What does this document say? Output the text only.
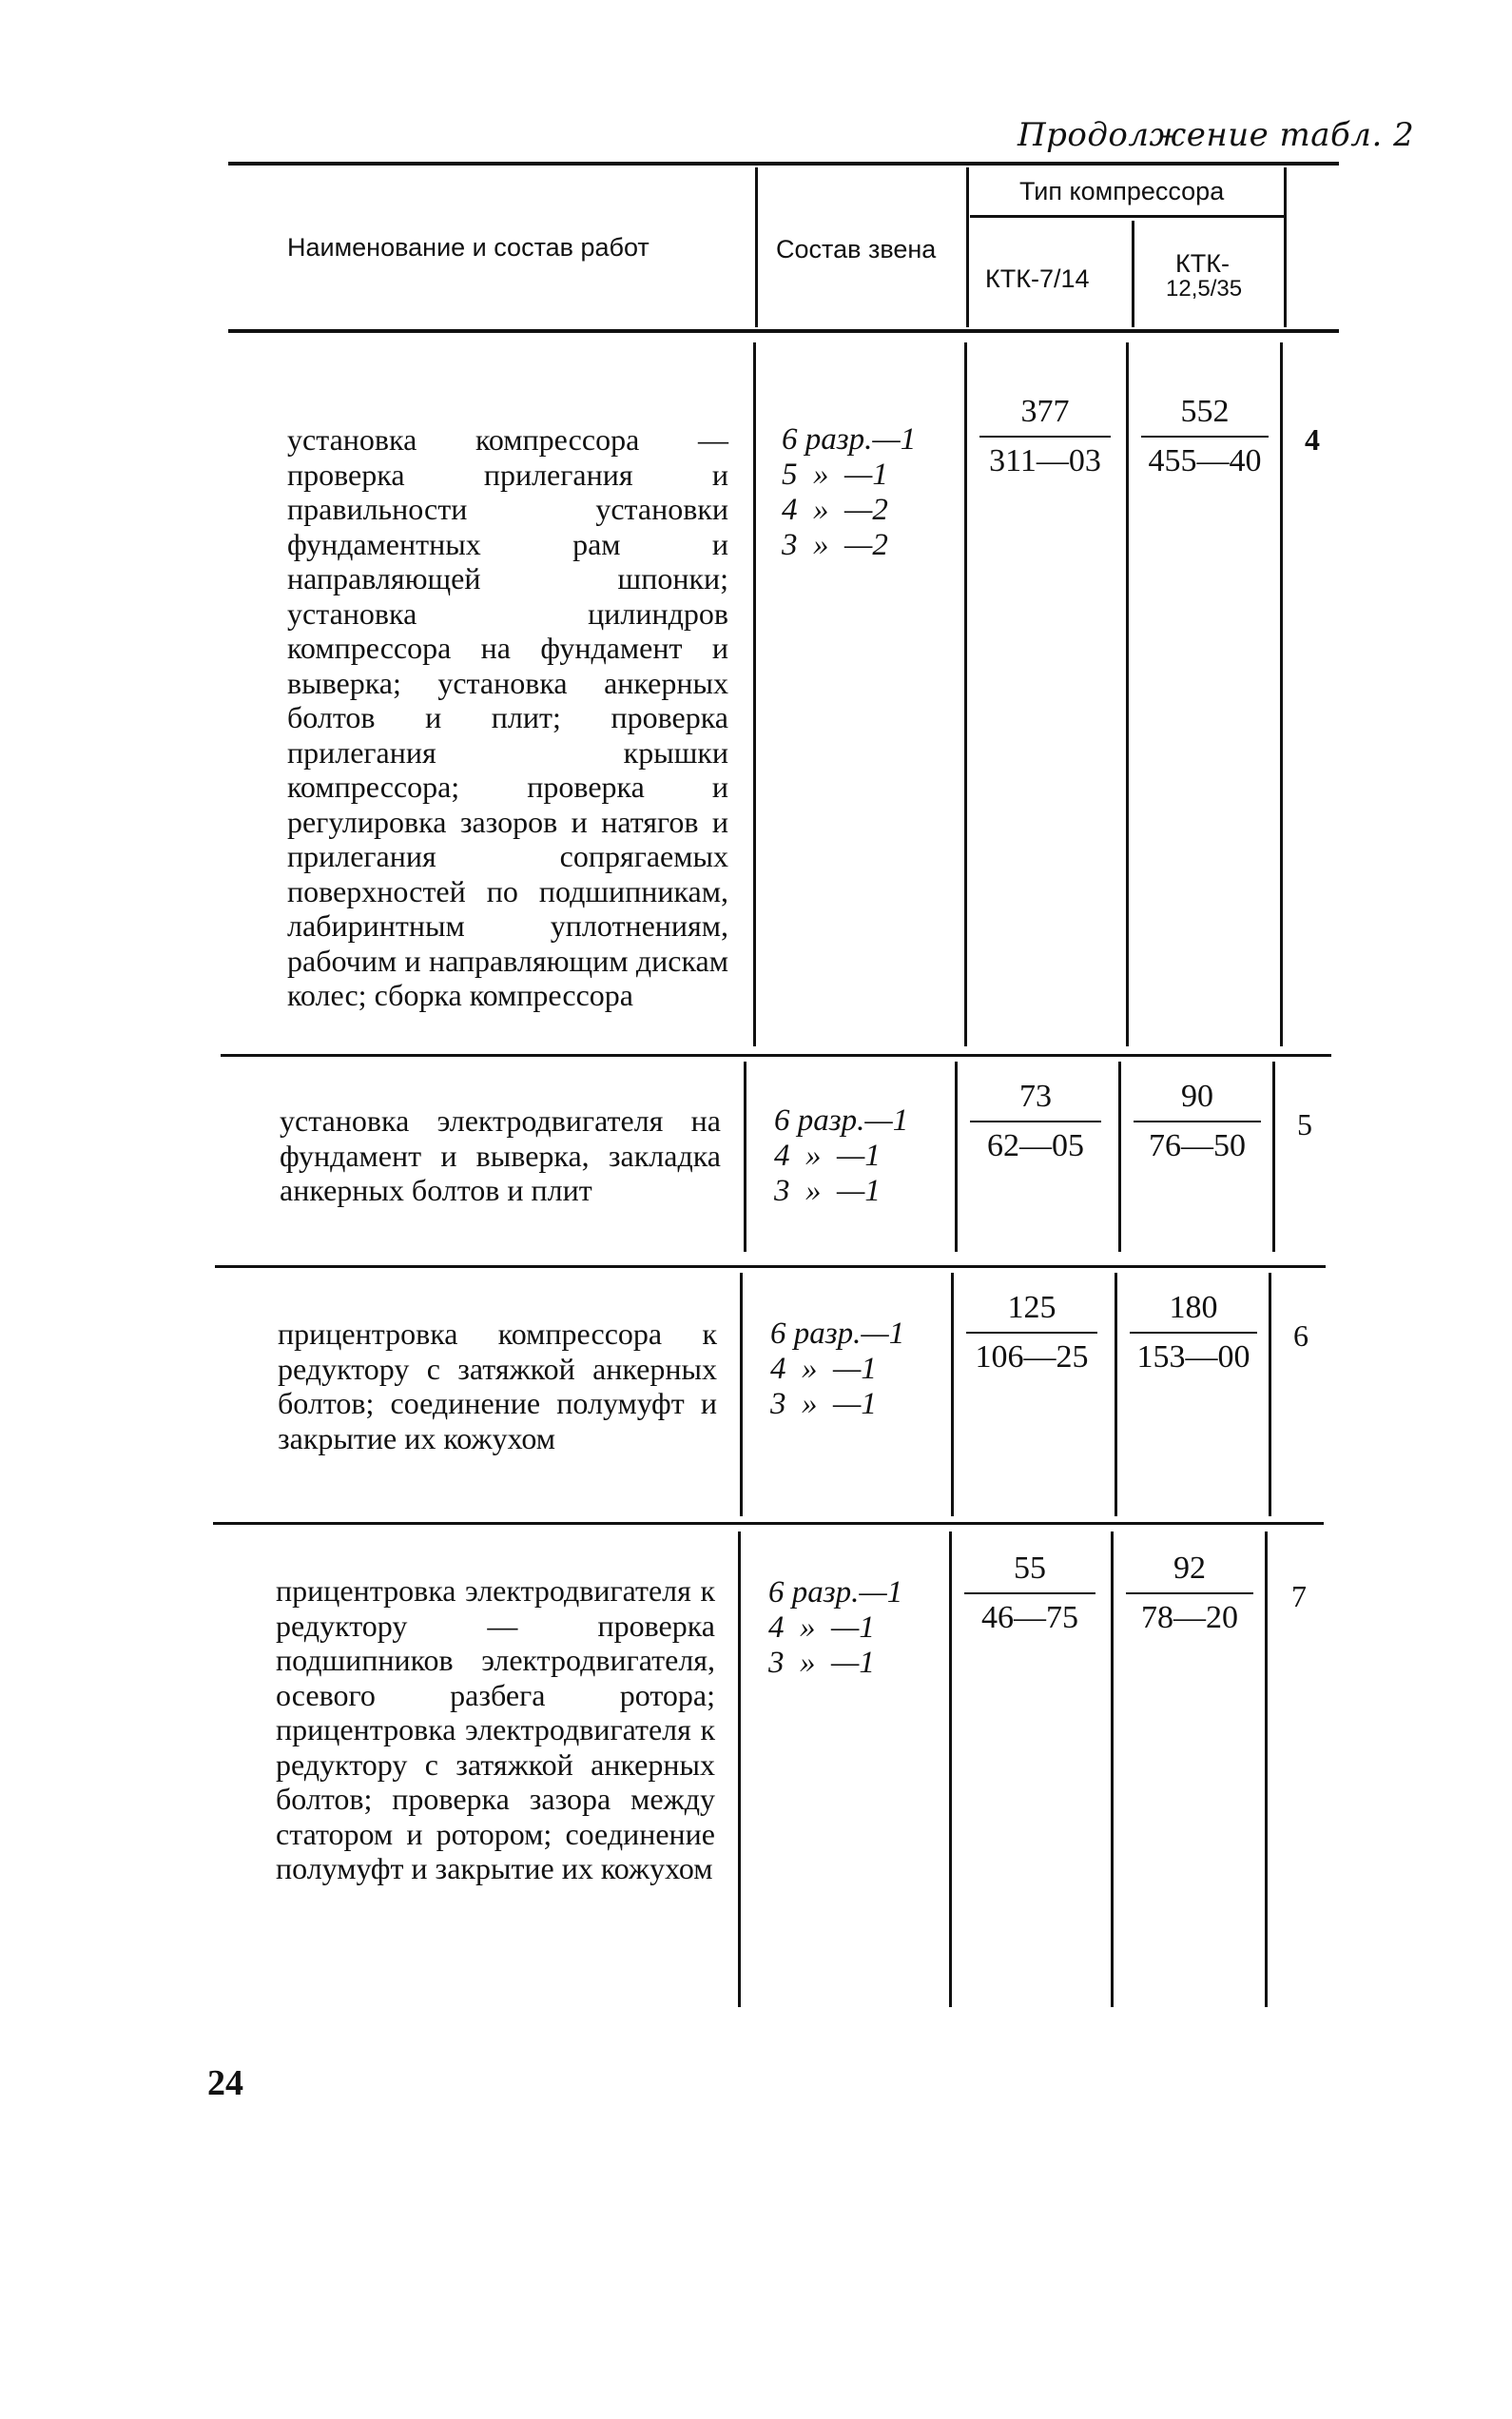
Продолжение табл. 2
Наименование и состав работ	Состав звена
Тип компрессора
КТК-7/14
КТК-
12,5/35
установка компрессора — проверка прилегания и правильности установки фундаментных рам и направляющей шпонки; установка цилиндров компрессора на фундамент и выверка; установка анкерных болтов и плит; проверка прилегания крышки компрессора; проверка и регулировка зазоров и натягов и прилегания сопрягаемых поверхностей по подшипникам, лабиринтным уплотнениям, рабочим и направляющим дискам колес; сборка компрессора
6 разр.—1
5  »  —1
4  »  —2
3  »  —2
377
311—03
552
455—40
4
установка электродвигателя на фундамент и выверка, закладка анкерных болтов и плит
6 разр.—1
4  »  —1
3  »  —1
73
62—05
90
76—50
5
прицентровка компрессора к редуктору с затяжкой анкерных болтов; соединение полумуфт и закрытие их кожухом
6 разр.—1
4  »  —1
3  »  —1
125
106—25
180
153—00
6
прицентровка электродвигателя к редуктору — проверка подшипников электродвигателя, осевого разбега ротора; прицентровка электродвигателя к редуктору с затяжкой анкерных болтов; проверка зазора между статором и ротором; соединение полумуфт и закрытие их кожухом
6 разр.—1
4  »  —1
3  »  —1
55
46—75
92
78—20
7
24
